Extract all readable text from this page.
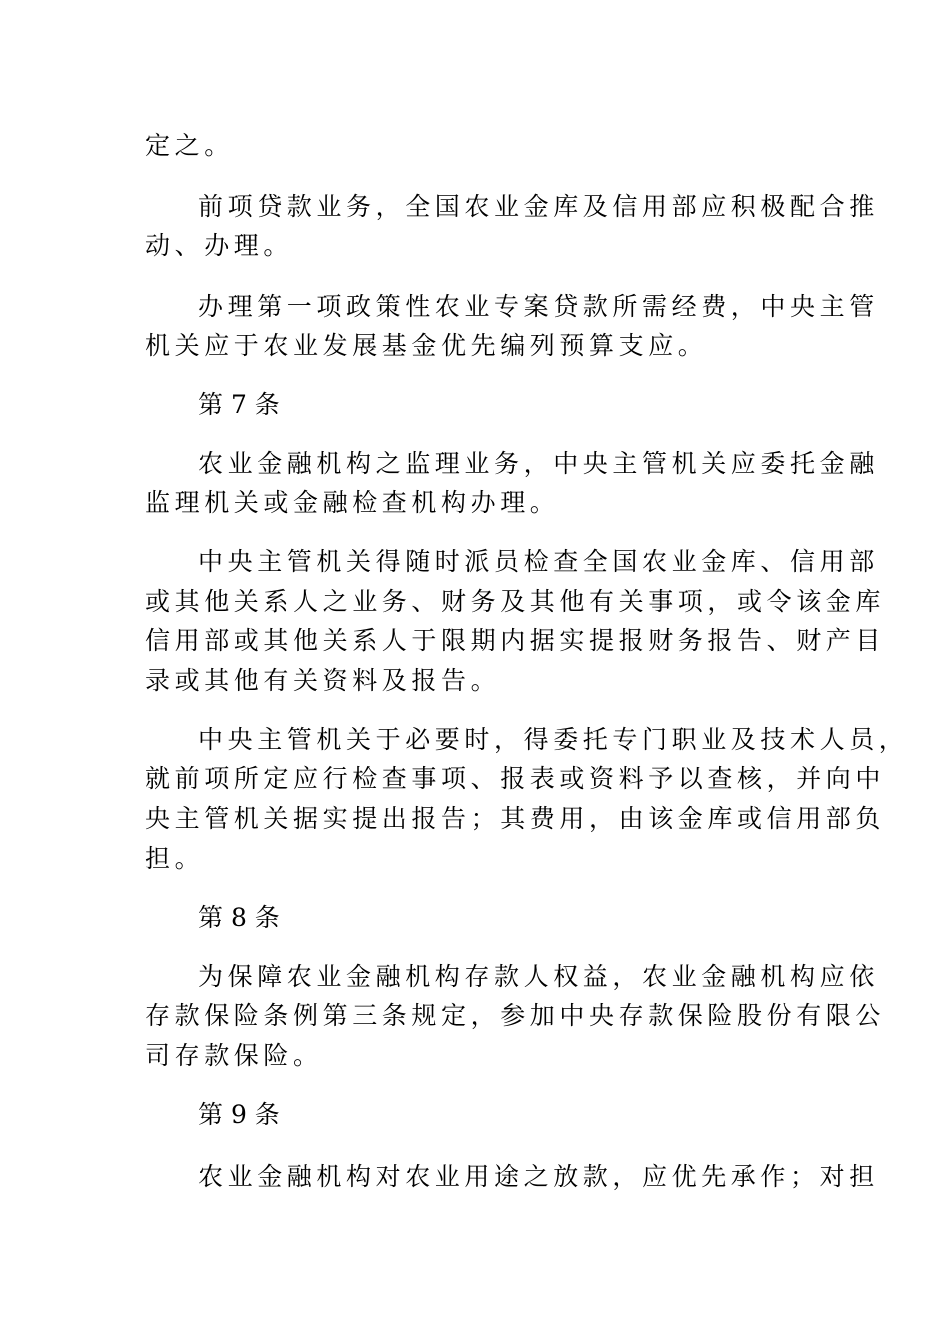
定之。
前项贷款业务，全国农业金库及信用部应积极配合推
动、办理。
办理第一项政策性农业专案贷款所需经费，中央主管
机关应于农业发展基金优先编列预算支应。
第 7 条
农业金融机构之监理业务，中央主管机关应委托金融
监理机关或金融检查机构办理。
中央主管机关得随时派员检查全国农业金库、信用部
或其他关系人之业务、财务及其他有关事项，或令该金库
信用部或其他关系人于限期内据实提报财务报告、财产目
录或其他有关资料及报告。
中央主管机关于必要时，得委托专门职业及技术人员，
就前项所定应行检查事项、报表或资料予以查核，并向中
央主管机关据实提出报告；其费用，由该金库或信用部负
担。
第 8 条
为保障农业金融机构存款人权益，农业金融机构应依
存款保险条例第三条规定，参加中央存款保险股份有限公
司存款保险。
第 9 条
农业金融机构对农业用途之放款，应优先承作；对担
